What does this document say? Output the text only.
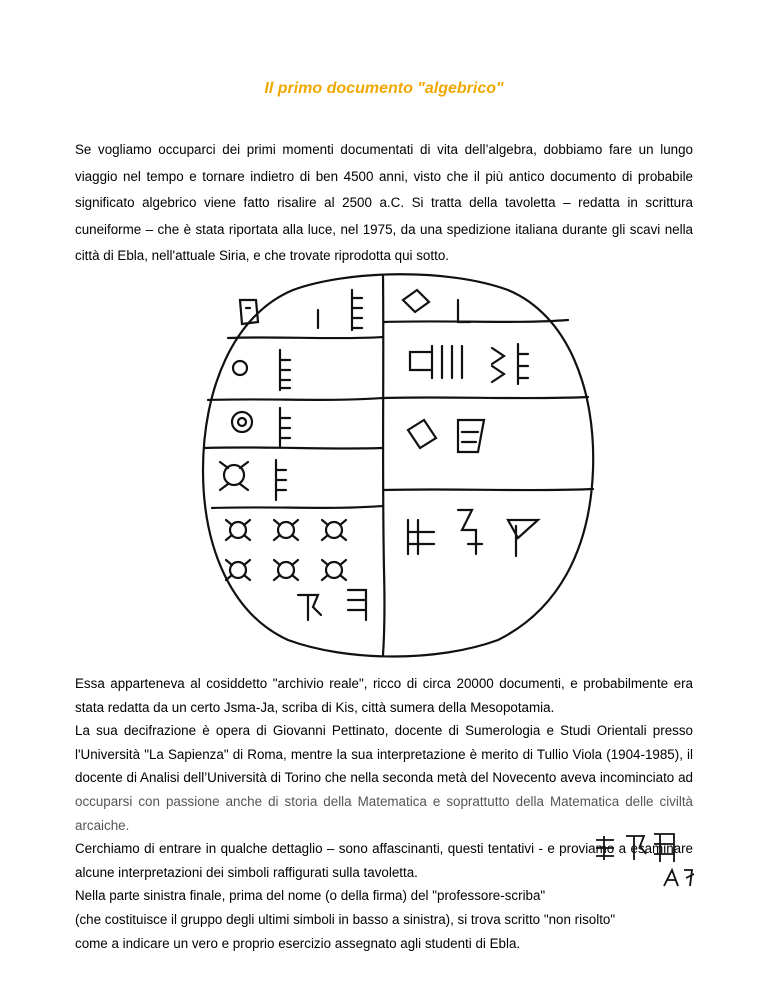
Il primo documento "algebrico"

Se vogliamo occuparci dei primi momenti documentati di vita dell’algebra, dobbiamo fare un lungo viaggio nel tempo e tornare indietro di ben 4500 anni, visto che il più antico documento di probabile significato algebrico viene fatto risalire al 2500 a.C. Si tratta della tavoletta – redatta in scrittura cuneiforme – che è stata riportata alla luce, nel 1975, da una spedizione italiana durante gli scavi nella città di Ebla, nell'attuale Siria, e che trovate riprodotta qui sotto.

Essa apparteneva al cosiddetto "archivio reale", ricco di circa 20000 documenti, e probabilmente era stata redatta da un certo Jsma-Ja, scriba di Kis, città sumera della Mesopotamia.
La sua decifrazione è opera di Giovanni Pettinato, docente di Sumerologia e Studi Orientali presso l'Università "La Sapienza" di Roma, mentre la sua interpretazione è merito di Tullio Viola (1904-1985), il docente di Analisi dell’Università di Torino che nella seconda metà del Novecento aveva incominciato ad occuparsi con passione anche di storia della Matematica e soprattutto della Matematica delle civiltà arcaiche.
Cerchiamo di entrare in qualche dettaglio – sono affascinanti, questi tentativi - e proviamo a esaminare alcune interpretazioni dei simboli raffigurati sulla tavoletta.
Nella parte sinistra finale, prima del nome (o della firma) del "professore-scriba"
(che costituisce il gruppo degli ultimi simboli in basso a sinistra), si trova scritto "non risolto"
come a indicare un vero e proprio esercizio assegnato agli studenti di Ebla.
